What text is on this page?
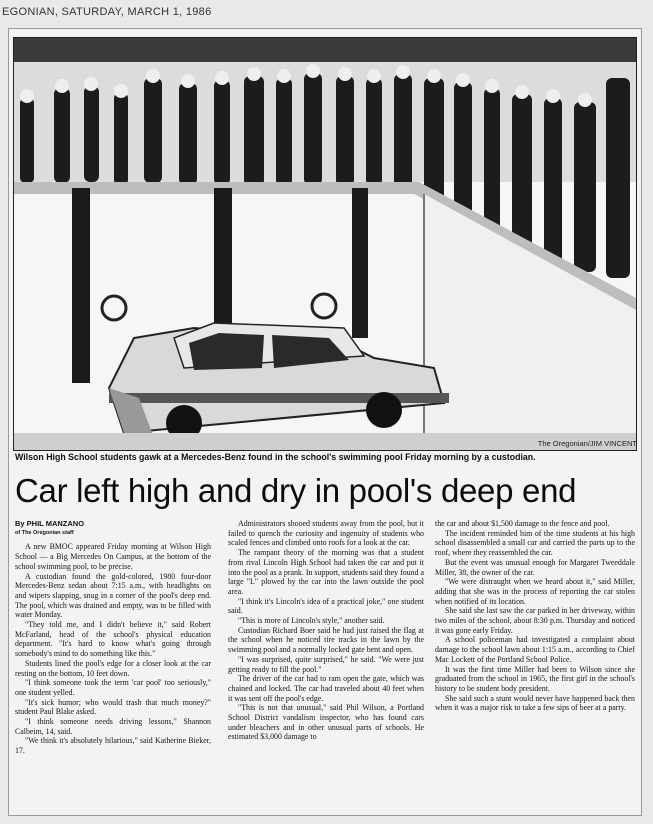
EGONIAN, SATURDAY, MARCH 1, 1986
The Oregonian/JIM VINCENT
Wilson High School students gawk at a Mercedes-Benz found in the school's swimming pool Friday morning by a custodian.
Car left high and dry in pool's deep end
By PHIL MANZANO
of The Oregonian staff

A new BMOC appeared Friday morning at Wilson High School — a Big Mercedes On Campus, at the bottom of the school swimming pool, to be precise.

A custodian found the gold-colored, 1980 four-door Mercedes-Benz sedan about 7:15 a.m., with headlights on and wipers slapping, snug in a corner of the pool's deep end. The pool, which was drained and empty, was to be filled with water Monday.

"They told me, and I didn't believe it," said Robert McFarland, head of the school's physical education department. "It's hard to know what's going through somebody's mind to do something like this."

Students lined the pool's edge for a closer look at the car resting on the bottom, 10 feet down.

"I think someone took the term 'car pool' too seriously," one student yelled.

"It's sick humor; who would trash that much money?" student Paul Blake asked.

"I think someone needs driving lessons," Shannon Calbeim, 14, said.

"We think it's absolutely hilarious," said Katherine Bieker, 17.

Administrators shooed students away from the pool, but it failed to quench the curiosity and ingenuity of students who scaled fences and climbed onto roofs for a look at the car.

The rampant theory of the morning was that a student from rival Lincoln High School had taken the car and put it into the pool as a prank. In support, students said they found a large "L" plowed by the car into the lawn outside the pool area.

"I think it's Lincoln's idea of a practical joke," one student said.

"This is more of Lincoln's style," another said.

Custodian Richard Boer said he had just raised the flag at the school when he noticed tire tracks in the lawn by the swimming pool and a normally locked gate bent and open.

"I was surprised, quite surprised," he said. "We were just getting ready to fill the pool."

The driver of the car had to ram open the gate, which was chained and locked. The car had traveled about 40 feet when it was sent off the pool's edge.

"This is not that unusual," said Phil Wilson, a Portland School District vandalism inspector, who has found cars under bleachers and in other unusual parts of schools. He estimated $3,000 damage to

the car and about $1,500 damage to the fence and pool.

The incident reminded him of the time students at his high school disassembled a small car and carried the parts up to the roof, where they reassembled the car.

But the event was unusual enough for Margaret Tweeddale Miller, 38, the owner of the car.

"We were distraught when we heard about it," said Miller, adding that she was in the process of reporting the car stolen when notified of its location.

She said she last saw the car parked in her driveway, within two miles of the school, about 8:30 p.m. Thursday and noticed it was gone early Friday.

A school policeman had investigated a complaint about damage to the school lawn about 1:15 a.m., according to Chief Mac Lockett of the Portland School Police.

It was the first time Miller had been to Wilson since she graduated from the school in 1965, the first girl in the school's history to be student body president.

She said such a stunt would never have happened back then when it was a major risk to take a few sips of beer at a party.
